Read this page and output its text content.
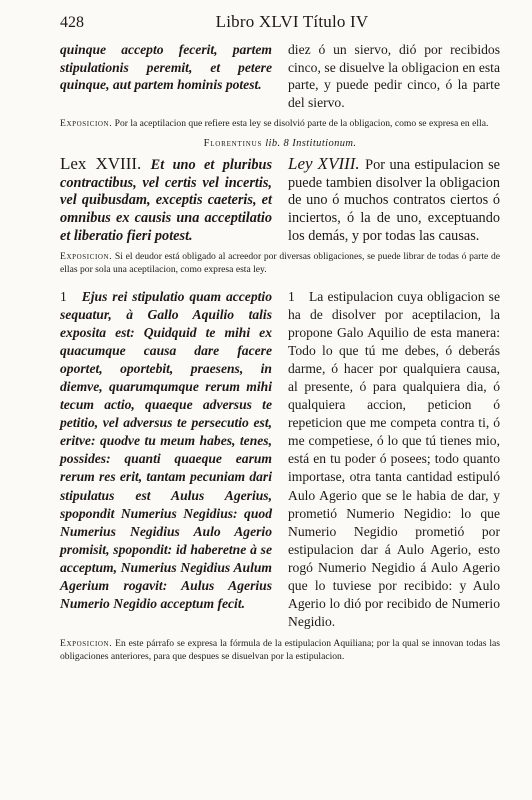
428	Libro XLVI Título IV

quinque accepto fecerit, partem stipulationis peremit, et petere quinque, aut partem hominis potest.

diez ó un siervo, dió por recibidos cinco, se disuelve la obligacion en esta parte, y puede pedir cinco, ó la parte del siervo.

Exposicion. Por la aceptilacion que refiere esta ley se disolvió parte de la obligacion, como se expresa en ella.

Florentinus lib. 8 Institutionum.

Lex XVIII. Et uno et pluribus contractibus, vel certis vel incertis, vel quibusdam, exceptis caeteris, et omnibus ex causis una acceptilatio et liberatio fieri potest.

Ley XVIII. Por una estipulacion se puede tambien disolver la obligacion de uno ó muchos contratos ciertos ó inciertos, ó la de uno, exceptuando los demás, y por todas las causas.

Exposicion. Si el deudor está obligado al acreedor por diversas obligaciones, se puede librar de todas ó parte de ellas por sola una aceptilacion, como expresa esta ley.

1 Ejus rei stipulatio quam acceptio sequatur, à Gallo Aquilio talis exposita est: Quidquid te mihi ex quacumque causa dare facere oportet, oportebit, praesens, in diemve, quarumqumque rerum mihi tecum actio, quaeque adversus te petitio, vel adversus te persecutio est, eritve: quodve tu meum habes, tenes, possides: quanti quaeque earum rerum res erit, tantam pecuniam dari stipulatus est Aulus Agerius, spopondit Numerius Negidius: quod Numerius Negidius Aulo Agerio promisit, spopondit: id haberetne à se acceptum, Numerius Negidius Aulum Agerium rogavit: Aulus Agerius Numerio Negidio acceptum fecit.

1 La estipulacion cuya obligacion se ha de disolver por aceptilacion, la propone Galo Aquilio de esta manera: Todo lo que tú me debes, ó deberás darme, ó hacer por qualquiera causa, al presente, ó para qualquiera dia, ó qualquiera accion, peticion ó repeticion que me competa contra ti, ó me competiese, ó lo que tú tienes mio, está en tu poder ó posees; todo quanto importase, otra tanta cantidad estipuló Aulo Agerio que se le habia de dar, y prometió Numerio Negidio: lo que Numerio Negidio prometió por estipulacion dar á Aulo Agerio, esto rogó Numerio Negidio á Aulo Agerio que lo tuviese por recibido: y Aulo Agerio lo dió por recibido de Numerio Negidio.

Exposicion. En este párrafo se expresa la fórmula de la estipulacion Aquiliana; por la qual se innovan todas las obligaciones anteriores, para que despues se disuelvan por la estipulacion.
